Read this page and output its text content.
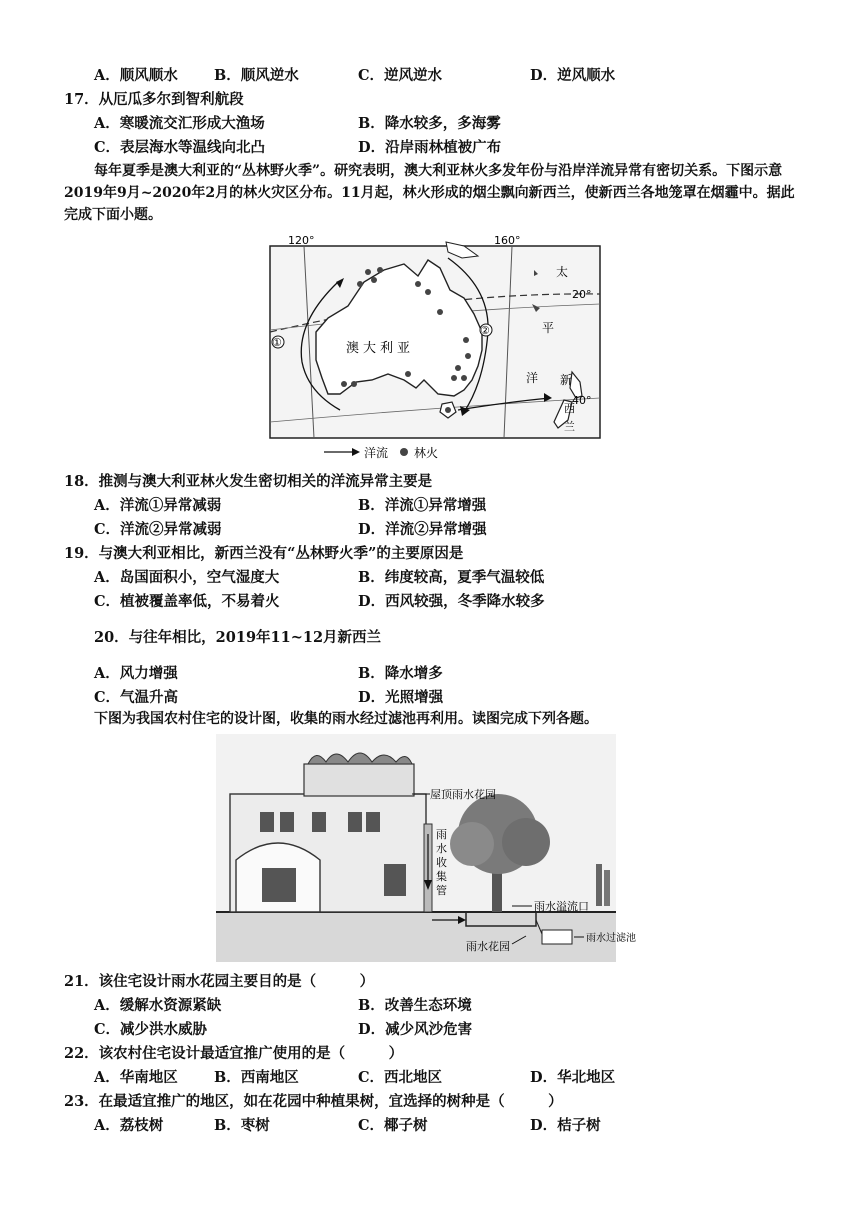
A．顺风顺水	B．顺风逆水	C．逆风逆水	D．逆风顺水
17．从厄瓜多尔到智利航段
A．寒暖流交汇形成大渔场	B．降水较多，多海雾
C．表层海水等温线向北凸	D．沿岸雨林植被广布
每年夏季是澳大利亚的“丛林野火季”。研究表明，澳大利亚林火多发年份与沿岸洋流异常有密切关系。下图示意2019年9月~2020年2月的林火灾区分布。11月起，林火形成的烟尘飘向新西兰，使新西兰各地笼罩在烟霾中。据此完成下面小题。
120°	160°
20°
40°
澳大利亚
太
平
洋 新
西
兰
①
②
洋流 林火
18．推测与澳大利亚林火发生密切相关的洋流异常主要是
A．洋流①异常减弱	B．洋流①异常增强
C．洋流②异常减弱	D．洋流②异常增强
19．与澳大利亚相比，新西兰没有“丛林野火季”的主要原因是
A．岛国面积小，空气湿度大	B．纬度较高，夏季气温较低
C．植被覆盖率低，不易着火	D．西风较强，冬季降水较多
20．与往年相比，2019年11~12月新西兰
A．风力增强	B．降水增多
C．气温升高	D．光照增强
下图为我国农村住宅的设计图，收集的雨水经过滤池再利用。读图完成下列各题。
屋顶雨水花园
雨
水
收
集
管
雨水溢流口
雨水花园
雨水过滤池
21．该住宅设计雨水花园主要目的是（　　　）
A．缓解水资源紧缺	B．改善生态环境
C．减少洪水威胁	D．减少风沙危害
22．该农村住宅设计最适宜推广使用的是（　　　）
A．华南地区	B．西南地区	C．西北地区	D．华北地区
23．在最适宜推广的地区，如在花园中种植果树，宜选择的树种是（　　　）
A．荔枝树	B．枣树	C．椰子树	D．桔子树
